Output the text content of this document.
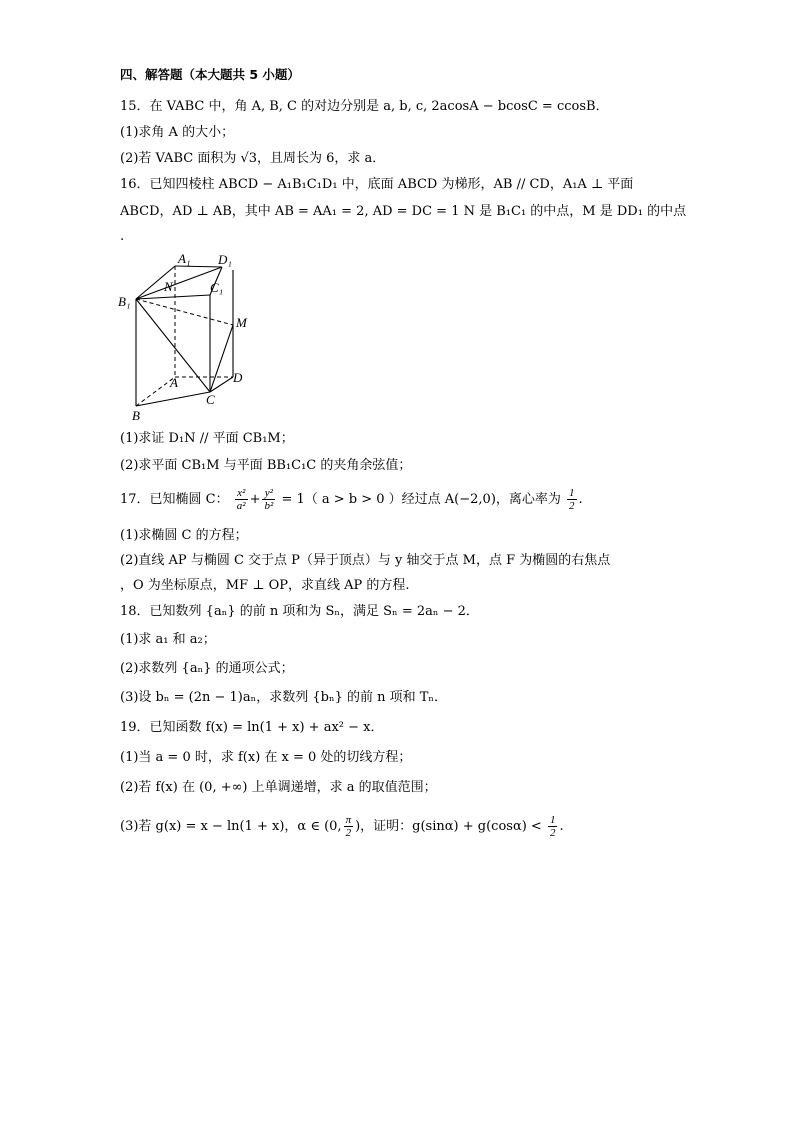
四、解答题（本大题共 5 小题）
15．在 VABC 中，角 A, B, C 的对边分别是 a, b, c, 2acosA − bcosC = ccosB．
(1)求角 A 的大小；
(2)若 VABC 面积为 √3，且周长为 6，求 a．
16．已知四棱柱 ABCD − A₁B₁C₁D₁ 中，底面 ABCD 为梯形，AB // CD，A₁A ⊥ 平面
ABCD，AD ⊥ AB，其中 AB = AA₁ = 2, AD = DC = 1 N 是 B₁C₁ 的中点，M 是 DD₁ 的中点
.
A₁ D₁
N	C₁
B₁
M
A	D
C
B
(1)求证 D₁N // 平面 CB₁M；
(2)求平面 CB₁M 与平面 BB₁C₁C 的夹角余弦值；
17．已知椭圆 C： $\frac{\text{x²}}{\text{a²}} + \frac{\text{y²}}{\text{b²}} = 1$（ a > b > 0 ）经过点 A(−2,0)，离心率为 $\frac{1}{2}$ .
(1)求椭圆 C 的方程；
(2)直线 AP 与椭圆 C 交于点 P（异于顶点）与 y 轴交于点 M，点 F 为椭圆的右焦点
，O 为坐标原点，MF ⊥ OP，求直线 AP 的方程.
18．已知数列 {aₙ} 的前 n 项和为 Sₙ，满足 Sₙ = 2aₙ − 2．
(1)求 a₁ 和 a₂；
(2)求数列 {aₙ} 的通项公式；
(3)设 bₙ = (2n − 1)aₙ，求数列 {bₙ} 的前 n 项和 Tₙ．
19．已知函数 f(x) = ln(1 + x) + ax² − x．
(1)当 a = 0 时，求 f(x) 在 x = 0 处的切线方程；
(2)若 f(x) 在 (0, +∞) 上单调递增，求 a 的取值范围；
(3)若 g(x) = x − ln(1 + x)，α ∈ (0, $\frac{\pi}{2}$ )，证明：$g(\sin\alpha) + g(\cos\alpha) < \frac{1}{2}$ .
